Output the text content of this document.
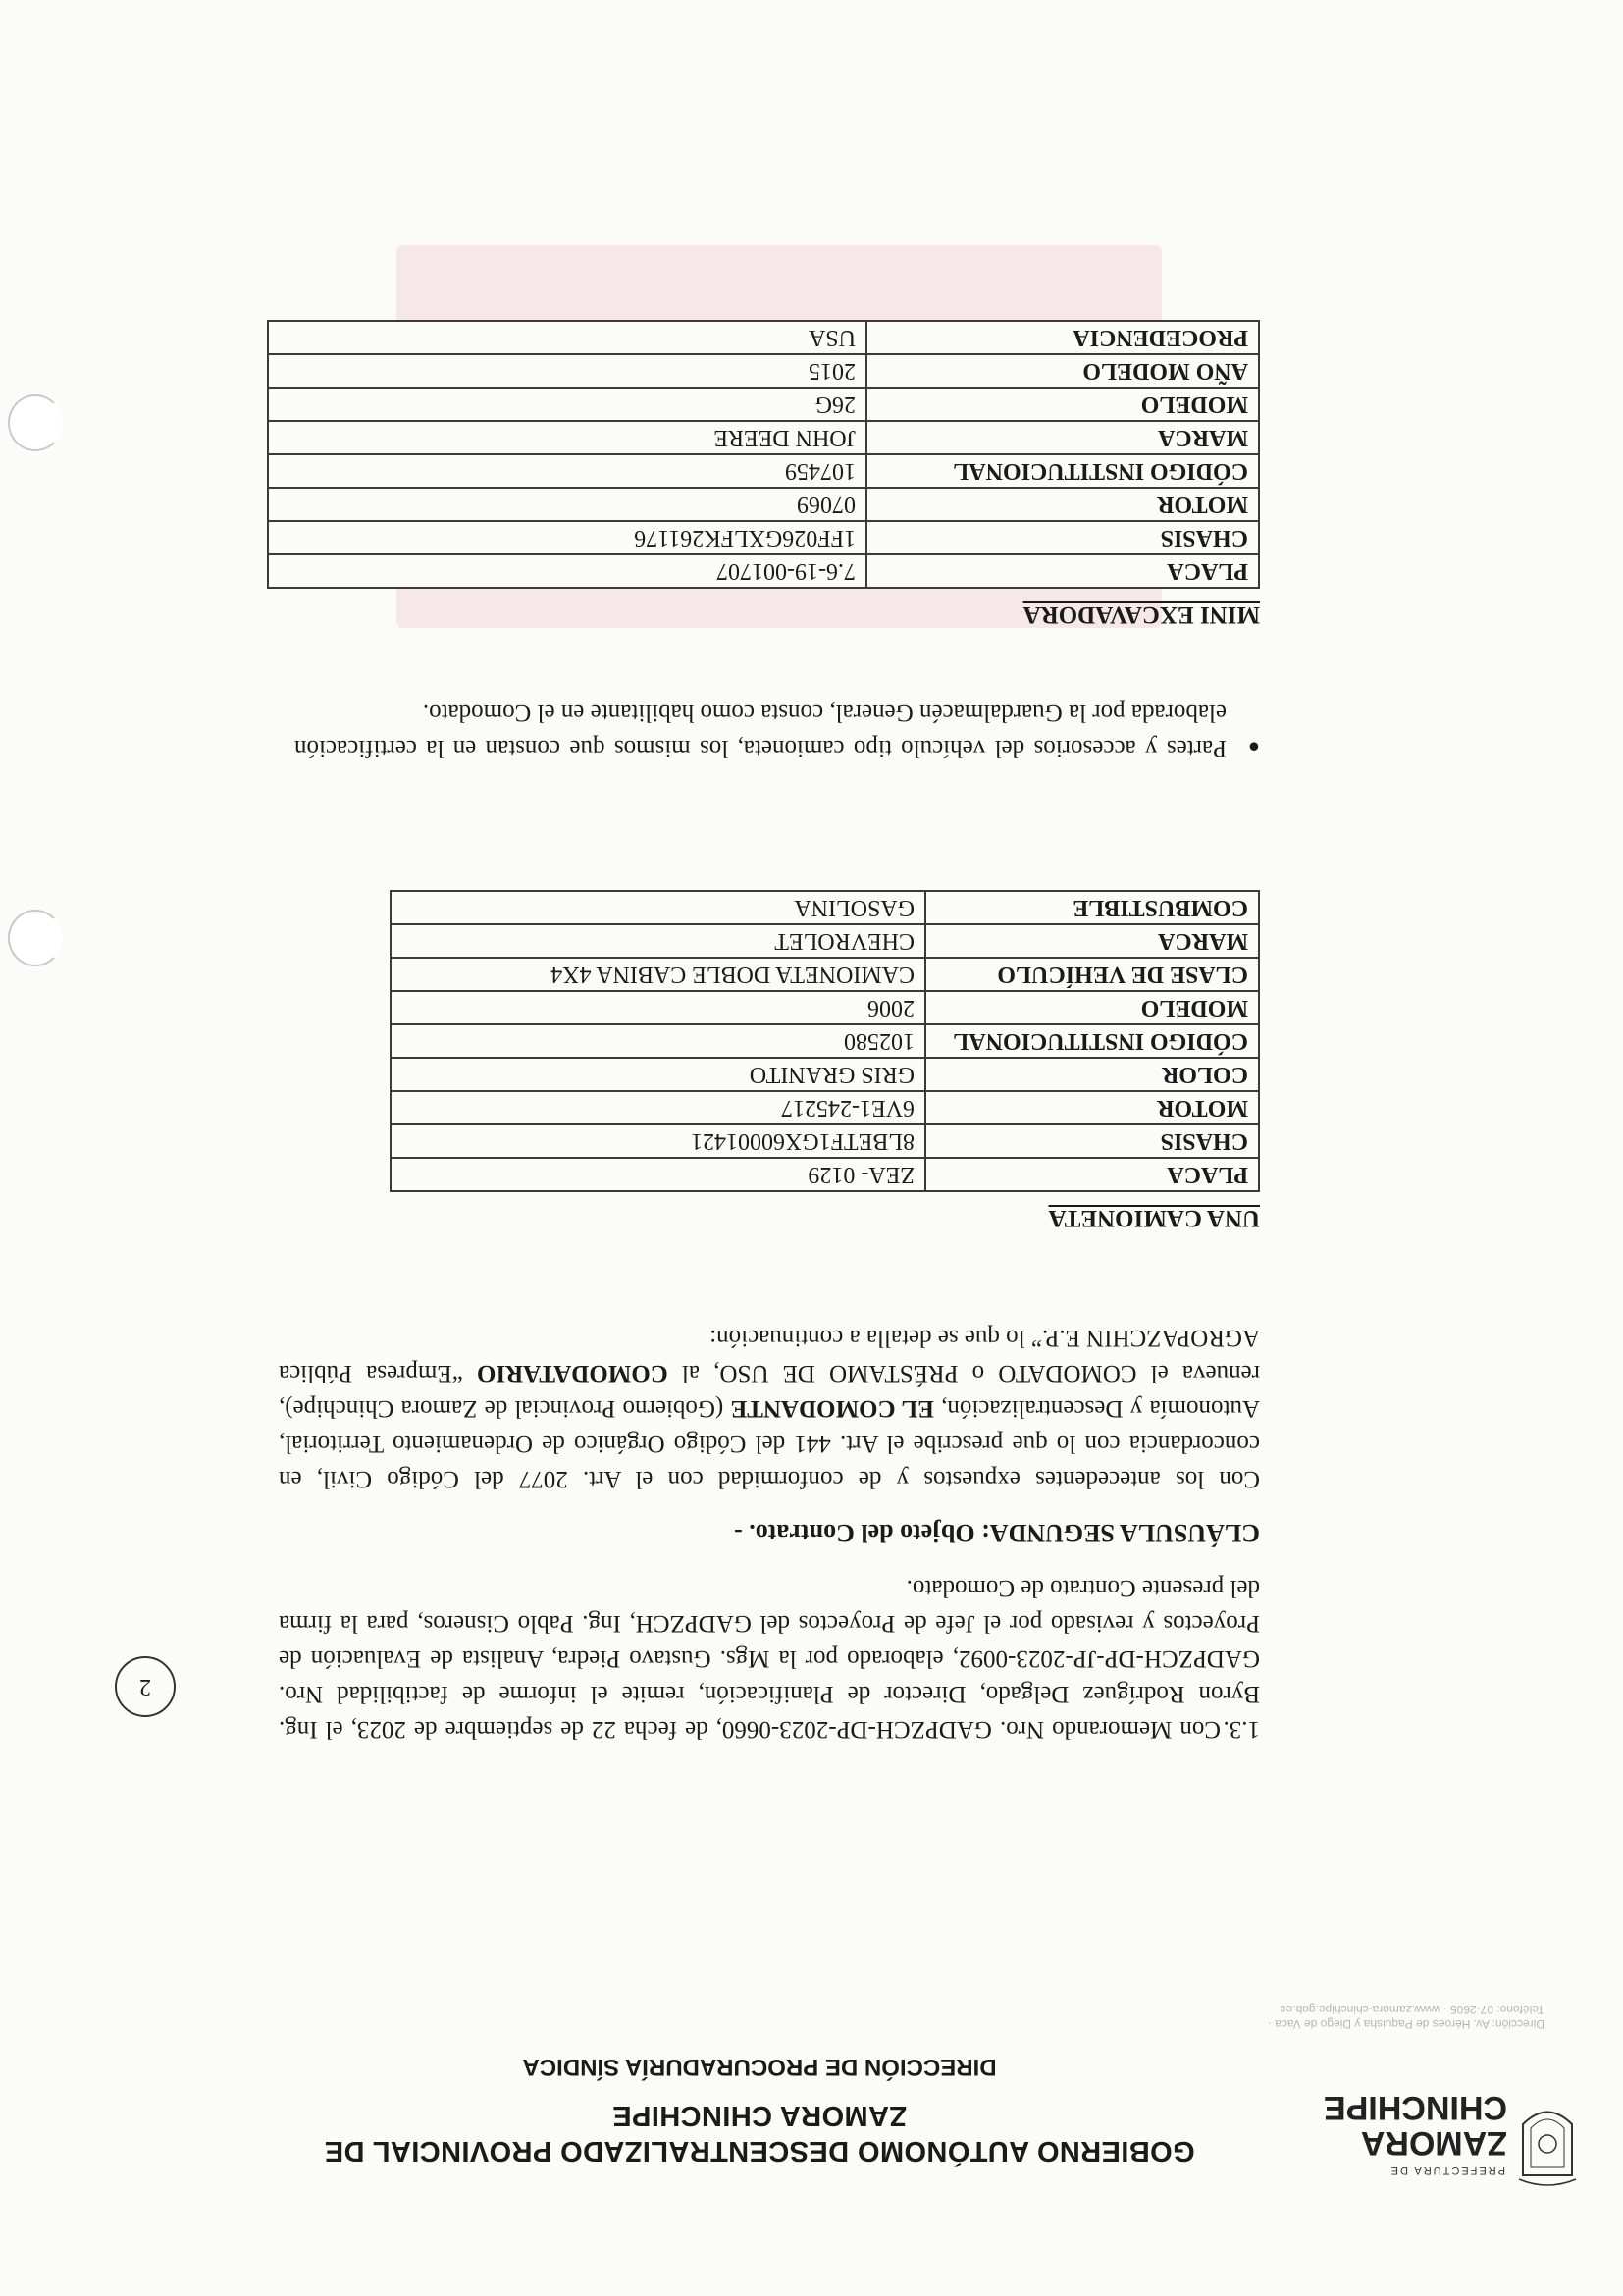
PREFECTURA DE
ZAMORA
CHINCHIPE
GOBIERNO AUTÓNOMO DESCENTRALIZADO PROVINCIAL DE ZAMORA CHINCHIPE
DIRECCIÓN DE PROCURADURÍA SÍNDICA
Dirección: Av. Héroes de Paquisha y Diego de Vaca · Teléfono: 07-2605 · www.zamora-chinchipe.gob.ec
2

1.3.Con Memorando Nro. GADPZCH-DP-2023-0660, de fecha 22 de septiembre de 2023, el Ing. Byron Rodríguez Delgado, Director de Planificación, remite el informe de factibilidad Nro. GADPZCH-DP-JP-2023-0092, elaborado por la Mgs. Gustavo Piedra, Analista de Evaluación de Proyectos y revisado por el Jefe de Proyectos del GADPZCH, Ing. Pablo Cisneros, para la firma del presente Contrato de Comodato.

CLÁUSULA SEGUNDA: Objeto del Contrato. -

Con los antecedentes expuestos y de conformidad con el Art. 2077 del Código Civil, en concordancia con lo que prescribe el Art. 441 del Código Orgánico de Ordenamiento Territorial, Autonomía y Descentralización, EL COMODANTE (Gobierno Provincial de Zamora Chinchipe), renueva el COMODATO o PRÉSTAMO DE USO, al COMODATARIO “Empresa Pública AGROPAZCHIN E.P.” lo que se detalla a continuación:

UNA CAMIONETA
PLACA	ZEA- 0129
CHASIS	8LBETF1GX60001421
MOTOR	6VE1-245217
COLOR	GRIS GRANITO
CÓDIGO INSTITUCIONAL	102580
MODELO	2006
CLASE DE VEHÍCULO	CAMIONETA DOBLE CABINA 4X4
MARCA	CHEVROLET
COMBUSTIBLE	GASOLINA
●Partes y accesorios del vehículo tipo camioneta, los mismos que constan en la certificación elaborada por la Guardalmacén General, consta como habilitante en el Comodato.
MINI EXCAVADORA
PLACA	7.6-19-001707
CHASIS	1FF026GXLFK261176
MOTOR	07069
CÓDIGO INSTITUCIONAL	107459
MARCA	JOHN DEERE
MODELO	26G
AÑO MODELO	2015
PROCEDENCIA	USA
